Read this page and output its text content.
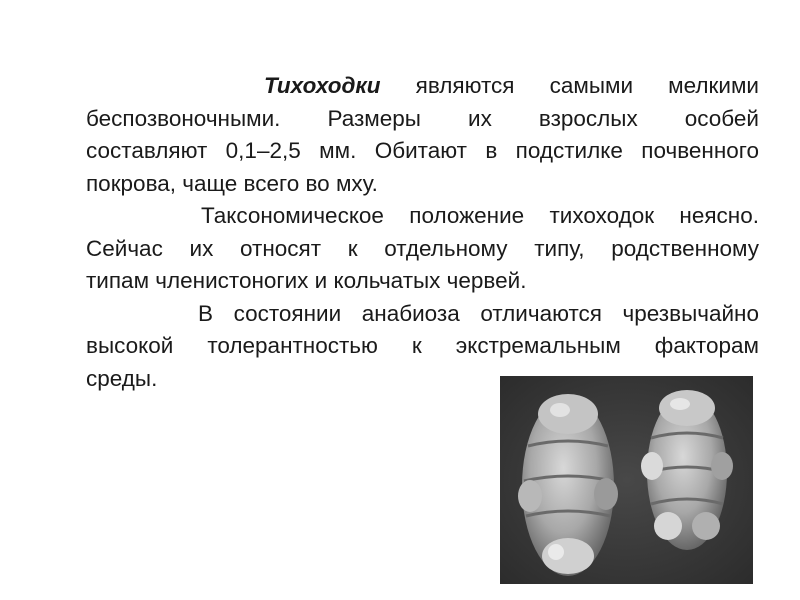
Тихоходки являются самыми мелкими
беспозвоночными. Размеры их взрослых особей
составляют 0,1–2,5 мм. Обитают в подстилке почвенного
покрова, чаще всего во мху.

Таксономическое положение тихоходок неясно.
Сейчас их относят к отдельному типу, родственному
типам членистоногих и кольчатых червей.

В состоянии анабиоза отличаются чрезвычайно
высокой толерантностью к экстремальным факторам
среды.
